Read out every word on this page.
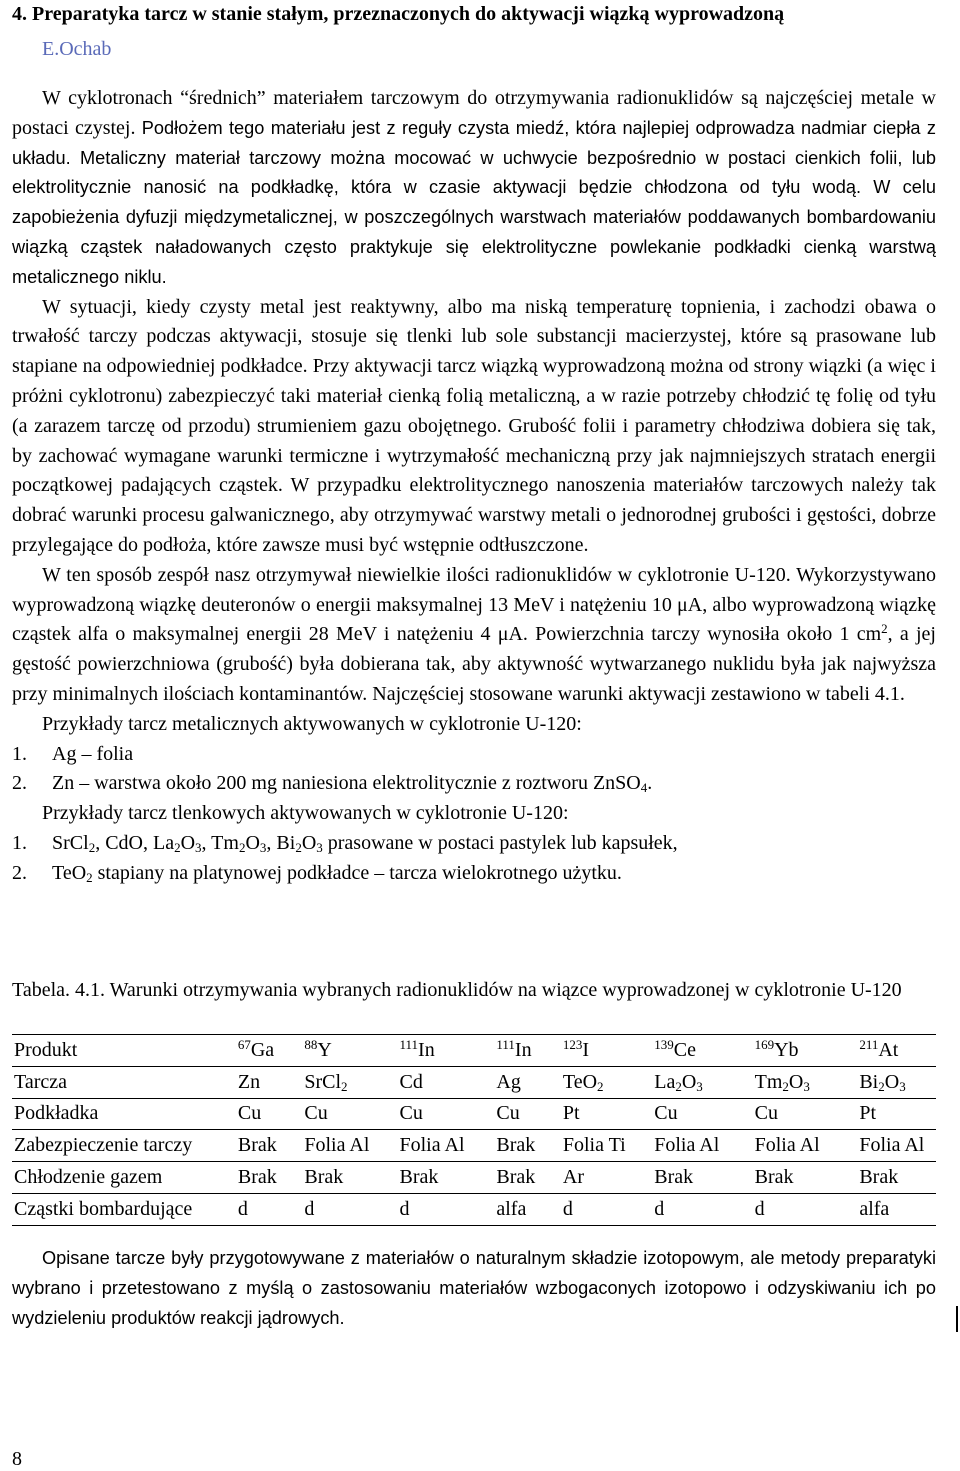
4. Preparatyka tarcz w stanie stałym, przeznaczonych do aktywacji wiązką wyprowadzoną
E.Ochab

W cyklotronach “średnich” materiałem tarczowym do otrzymywania radionuklidów są najczęściej metale w postaci czystej. Podłożem tego materiału jest z reguły czysta miedź, która najlepiej odprowadza nadmiar ciepła z układu. Metaliczny materiał tarczowy można mocować w uchwycie bezpośrednio w postaci cienkich folii, lub elektrolitycznie nanosić na podkładkę, która w czasie aktywacji będzie chłodzona od tyłu wodą. W celu zapobieżenia dyfuzji międzymetalicznej, w poszczególnych warstwach materiałów poddawanych bombardowaniu wiązką cząstek naładowanych często praktykuje się elektrolityczne powlekanie podkładki cienką warstwą metalicznego niklu.

W sytuacji, kiedy czysty metal jest reaktywny, albo ma niską temperaturę topnienia, i zachodzi obawa o trwałość tarczy podczas aktywacji, stosuje się tlenki lub sole substancji macierzystej, które są prasowane lub stapiane na odpowiedniej podkładce. Przy aktywacji tarcz wiązką wyprowadzoną można od strony wiązki (a więc i próżni cyklotronu) zabezpieczyć taki materiał cienką folią metaliczną, a w razie potrzeby chłodzić tę folię od tyłu (a zarazem tarczę od przodu) strumieniem gazu obojętnego. Grubość folii i parametry chłodziwa dobiera się tak, by zachować wymagane warunki termiczne i wytrzymałość mechaniczną przy jak najmniejszych stratach energii początkowej padających cząstek. W przypadku elektrolitycznego nanoszenia materiałów tarczowych należy tak dobrać warunki procesu galwanicznego, aby otrzymywać warstwy metali o jednorodnej grubości i gęstości, dobrze przylegające do podłoża, które zawsze musi być wstępnie odtłuszczone.

W ten sposób zespół nasz otrzymywał niewielkie ilości radionuklidów w cyklotronie U-120. Wykorzystywano wyprowadzoną wiązkę deuteronów o energii maksymalnej 13 MeV i natężeniu 10 μA, albo wyprowadzoną wiązkę cząstek alfa o maksymalnej energii 28 MeV i natężeniu 4 μA. Powierzchnia tarczy wynosiła około 1 $cm^2$, a jej gęstość powierzchniowa (grubość) była dobierana tak, aby aktywność wytwarzanego nuklidu była jak najwyższa przy minimalnych ilościach kontaminantów. Najczęściej stosowane warunki aktywacji zestawiono w tabeli 4.1.

Przykłady tarcz metalicznych aktywowanych w cyklotronie U-120:

1. Ag – folia
2. Zn – warstwa około 200 mg naniesiona elektrolitycznie z roztworu ZnSO$_4$.

Przykłady tarcz tlenkowych aktywowanych w cyklotronie U-120:

1. SrCl$_2$, CdO, $La_2O_3$, $Tm_2O_3$, $Bi_2O_3$ prasowane w postaci pastylek lub kapsułek,
2. TeO$_2$ stapiany na platynowej podkładce – tarcza wielokrotnego użytku.
Tabela. 4.1. Warunki otrzymywania wybranych radionuklidów na wiązce wyprowadzonej w cyklotronie U-120
Produkt	$^{67}$Ga	$^{88}$Y	$^{111}$In	$^{111}$In	$^{123}$I	$^{139}$Ce	$^{169}$Yb	$^{211}$At
Tarcza	Zn	SrCl$_2$	Cd	Ag	TeO$_2$	$La_2O_3$	$Tm_2O_3$	$Bi_2O_3$
Podkładka	Cu	Cu	Cu	Cu	Pt	Cu	Cu	Pt
Zabezpieczenie tarczy	Brak	Folia Al	Folia Al	Brak	Folia Ti	Folia Al	Folia Al	Folia Al
Chłodzenie gazem	Brak	Brak	Brak	Brak	Ar	Brak	Brak	Brak
Cząstki bombardujące	d	d	d	alfa	d	d	d	alfa

Opisane tarcze były przygotowywane z materiałów o naturalnym składzie izotopowym, ale metody preparatyki wybrano i przetestowano z myślą o zastosowaniu materiałów wzbogaconych izotopowo i odzyskiwaniu ich po wydzieleniu produktów reakcji jądrowych.

8
